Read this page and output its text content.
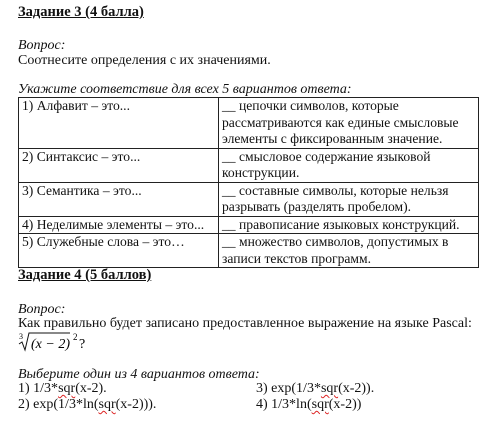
Задание 3 (4 балла)
Вопрос:
Соотнесите определения с их значениями.
Укажите соответствие для всех 5 вариантов ответа:
1) Алфавит – это...	__ цепочки символов, которые рассматриваются как единые смысловые элементы с фиксированным значение.
2) Синтаксис – это...	__ смысловое содержание языковой конструкции.
3) Семантика – это...	__ составные символы, которые нельзя разрывать (разделять пробелом).
4) Неделимые элементы – это...	__ правописание языковых конструкций.
5) Служебные слова – это…	__ множество символов, допустимых в записи текстов программ.
Задание 4 (5 баллов)
Вопрос:
Как правильно будет записано предоставленное выражение на языке Pascal:
3
(x − 2) 2 ?
Выберите один из 4 вариантов ответа:
1) 1/3*sqr(x-2).
2) exp(1/3*ln(sqr(x-2))).
3) exp(1/3*sqr(x-2)).
4) 1/3*ln(sqr(x-2))
